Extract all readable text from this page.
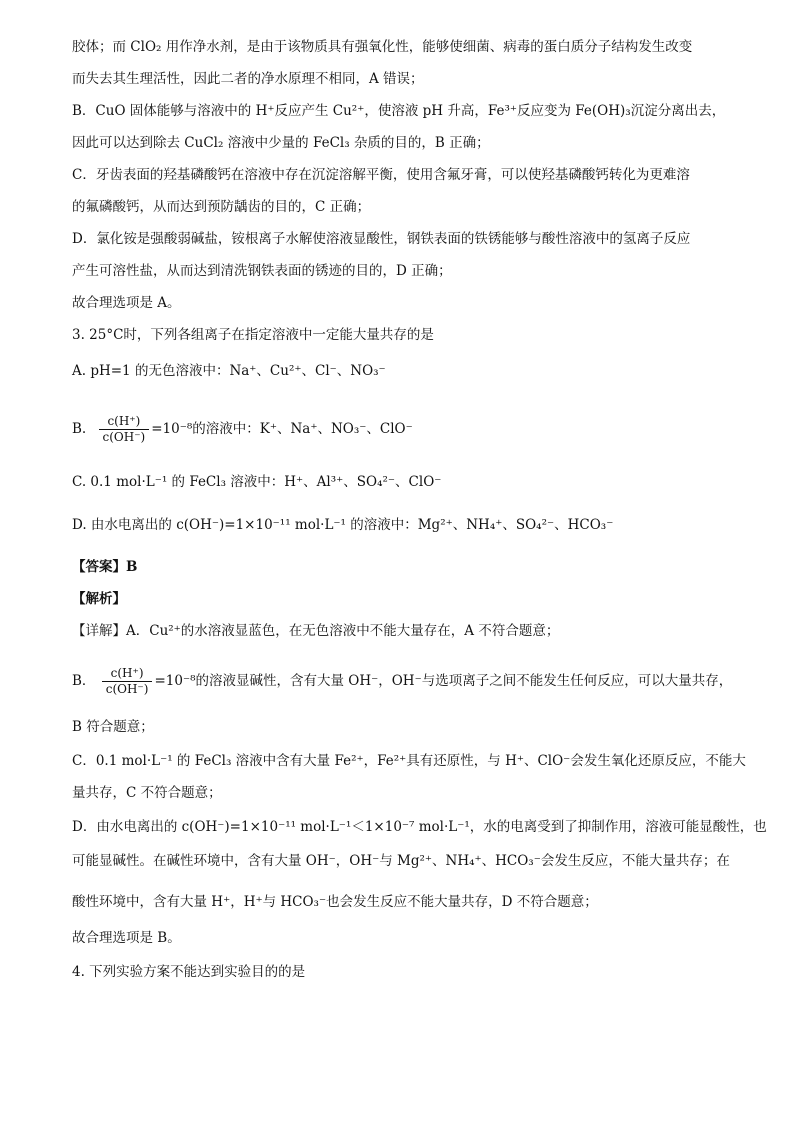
胶体；而 ClO₂ 用作净水剂，是由于该物质具有强氧化性，能够使细菌、病毒的蛋白质分子结构发生改变
而失去其生理活性，因此二者的净水原理不相同，A 错误；
B．CuO 固体能够与溶液中的 H⁺反应产生 Cu²⁺，使溶液 pH 升高，Fe³⁺反应变为 Fe(OH)₃沉淀分离出去，
因此可以达到除去 CuCl₂ 溶液中少量的 FeCl₃ 杂质的目的，B 正确；
C．牙齿表面的羟基磷酸钙在溶液中存在沉淀溶解平衡，使用含氟牙膏，可以使羟基磷酸钙转化为更难溶
的氟磷酸钙，从而达到预防龋齿的目的，C 正确；
D．氯化铵是强酸弱碱盐，铵根离子水解使溶液显酸性，钢铁表面的铁锈能够与酸性溶液中的氢离子反应
产生可溶性盐，从而达到清洗钢铁表面的锈迹的目的，D 正确；
故合理选项是 A。
3. 25°C时，下列各组离子在指定溶液中一定能大量共存的是
A. pH=1 的无色溶液中：Na⁺、Cu²⁺、Cl⁻、NO₃⁻
B. $\frac{c(H^+)}{c(OH^-)} =10^{-8}$的溶液中：K⁺、Na⁺、NO₃⁻、ClO⁻
C. 0.1 mol·L⁻¹ 的 FeCl₃ 溶液中：H⁺、Al³⁺、SO₄²⁻、ClO⁻
D. 由水电离出的 c(OH⁻)=1×10⁻¹¹ mol·L⁻¹ 的溶液中：Mg²⁺、NH₄⁺、SO₄²⁻、HCO₃⁻
【答案】B
【解析】
【详解】A．Cu²⁺的水溶液显蓝色，在无色溶液中不能大量存在，A 不符合题意；
B． $\frac{c(H^+)}{c(OH^-)} =10^{-8}$的溶液显碱性，含有大量 OH⁻，OH⁻与选项离子之间不能发生任何反应，可以大量共存，
B 符合题意；
C．0.1 mol·L⁻¹ 的 FeCl₃ 溶液中含有大量 Fe²⁺，Fe²⁺具有还原性，与 H⁺、ClO⁻会发生氧化还原反应，不能大
量共存，C 不符合题意；
D．由水电离出的 c(OH⁻)=1×10⁻¹¹ mol·L⁻¹＜1×10⁻⁷ mol·L⁻¹，水的电离受到了抑制作用，溶液可能显酸性，也
可能显碱性。在碱性环境中，含有大量 OH⁻，OH⁻与 Mg²⁺、NH₄⁺、HCO₃⁻会发生反应，不能大量共存；在
酸性环境中，含有大量 H⁺，H⁺与 HCO₃⁻也会发生反应不能大量共存，D 不符合题意；
故合理选项是 B。
4. 下列实验方案不能达到实验目的的是
